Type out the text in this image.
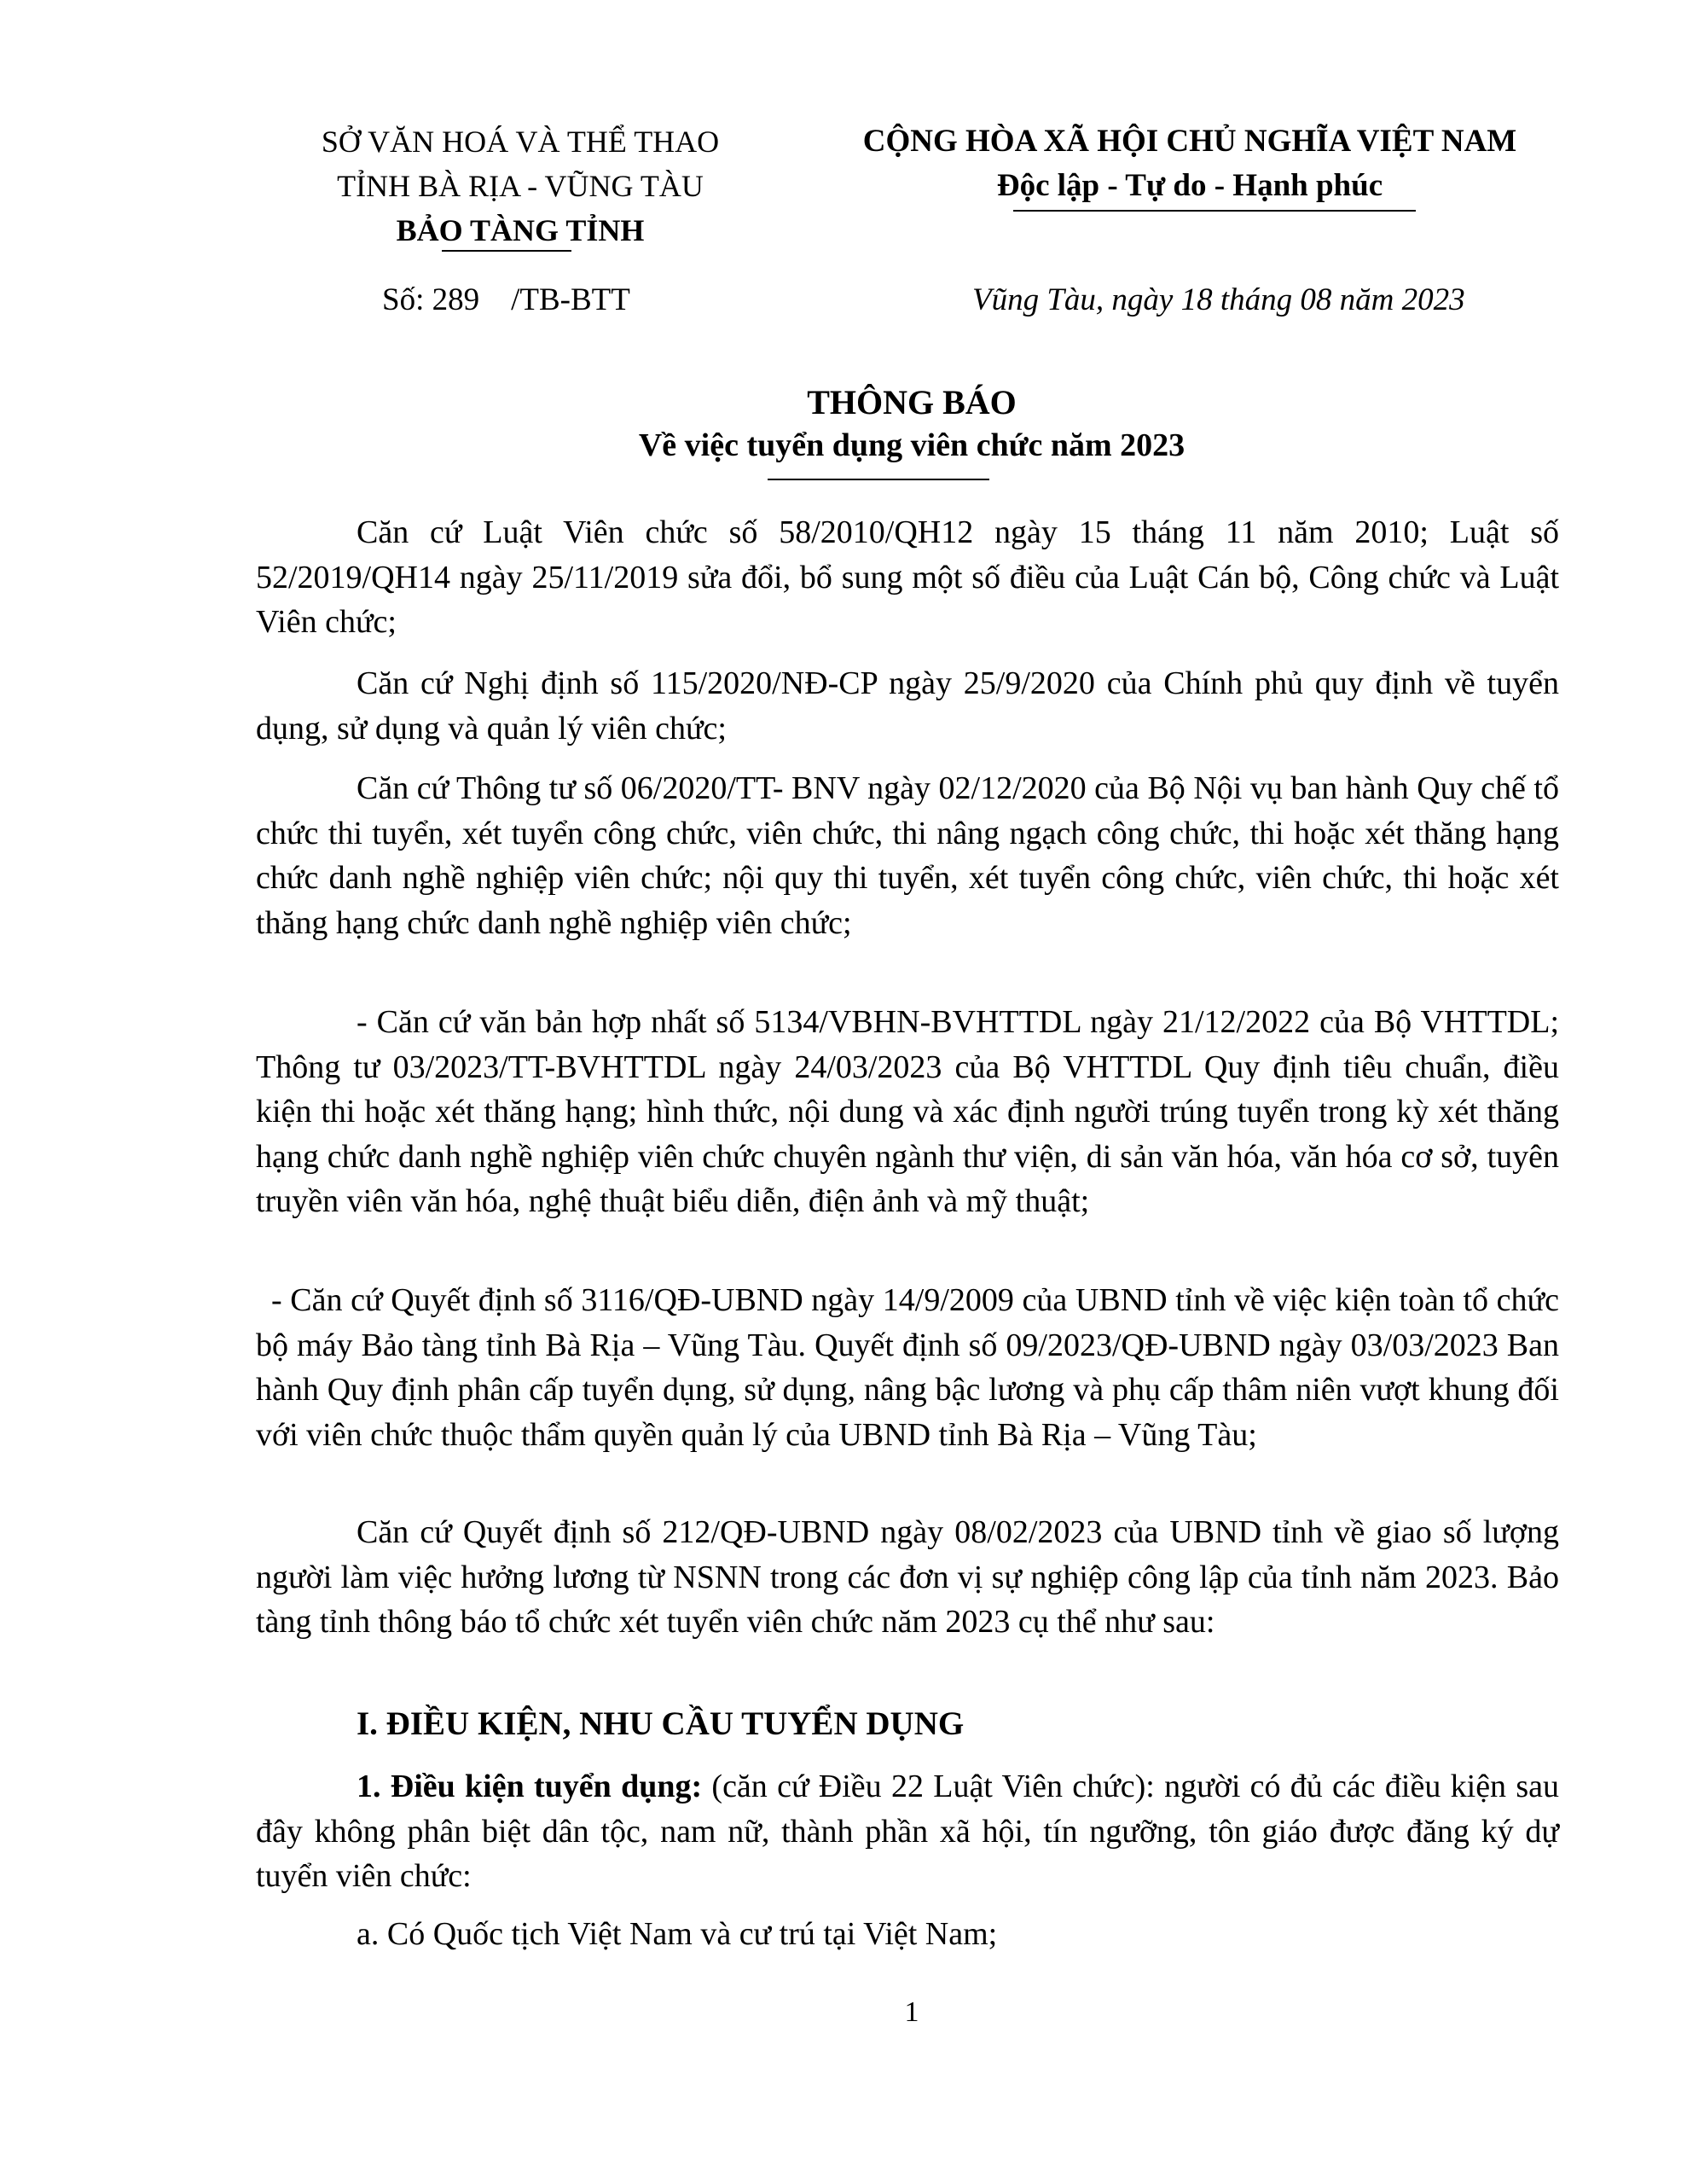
SỞ VĂN HOÁ VÀ THỂ THAO
TỈNH BÀ RỊA - VŨNG TÀU
BẢO TÀNG TỈNH
CỘNG HÒA XÃ HỘI CHỦ NGHĨA VIỆT NAM
Độc lập - Tự do - Hạnh phúc
Số: 289    /TB-BTT	Vũng Tàu, ngày 18 tháng 08 năm 2023
THÔNG BÁO
Về việc tuyển dụng viên chức năm 2023
Căn cứ Luật Viên chức số 58/2010/QH12 ngày 15 tháng 11 năm 2010; Luật số 52/2019/QH14 ngày 25/11/2019 sửa đổi, bổ sung một số điều của Luật Cán bộ, Công chức và Luật Viên chức;
Căn cứ Nghị định số 115/2020/NĐ-CP ngày 25/9/2020 của Chính phủ quy định về tuyển dụng, sử dụng và quản lý viên chức;
Căn cứ Thông tư số 06/2020/TT- BNV ngày 02/12/2020 của Bộ Nội vụ ban hành Quy chế tổ chức thi tuyển, xét tuyển công chức, viên chức, thi nâng ngạch công chức, thi hoặc xét thăng hạng chức danh nghề nghiệp viên chức; nội quy thi tuyển, xét tuyển công chức, viên chức, thi hoặc xét thăng hạng chức danh nghề nghiệp viên chức;
- Căn cứ văn bản hợp nhất số 5134/VBHN-BVHTTDL ngày 21/12/2022 của Bộ VHTTDL; Thông tư 03/2023/TT-BVHTTDL ngày 24/03/2023 của Bộ VHTTDL Quy định tiêu chuẩn, điều kiện thi hoặc xét thăng hạng; hình thức, nội dung và xác định người trúng tuyển trong kỳ xét thăng hạng chức danh nghề nghiệp viên chức chuyên ngành thư viện, di sản văn hóa, văn hóa cơ sở, tuyên truyền viên văn hóa, nghệ thuật biểu diễn, điện ảnh và mỹ thuật;
- Căn cứ Quyết định số 3116/QĐ-UBND ngày 14/9/2009 của UBND tỉnh về việc kiện toàn tổ chức bộ máy Bảo tàng tỉnh Bà Rịa – Vũng Tàu. Quyết định số 09/2023/QĐ-UBND ngày 03/03/2023 Ban hành Quy định phân cấp tuyển dụng, sử dụng, nâng bậc lương và phụ cấp thâm niên vượt khung đối với viên chức thuộc thẩm quyền quản lý của UBND tỉnh Bà Rịa – Vũng Tàu;
Căn cứ Quyết định số 212/QĐ-UBND ngày 08/02/2023 của UBND tỉnh về giao số lượng người làm việc hưởng lương từ NSNN trong các đơn vị sự nghiệp công lập của tỉnh năm 2023. Bảo tàng tỉnh thông báo tổ chức xét tuyển viên chức năm 2023 cụ thể như sau:
I. ĐIỀU KIỆN, NHU CẦU TUYỂN DỤNG
1. Điều kiện tuyển dụng: (căn cứ Điều 22 Luật Viên chức): người có đủ các điều kiện sau đây không phân biệt dân tộc, nam nữ, thành phần xã hội, tín ngưỡng, tôn giáo được đăng ký dự tuyển viên chức:
a. Có Quốc tịch Việt Nam và cư trú tại Việt Nam;
1
